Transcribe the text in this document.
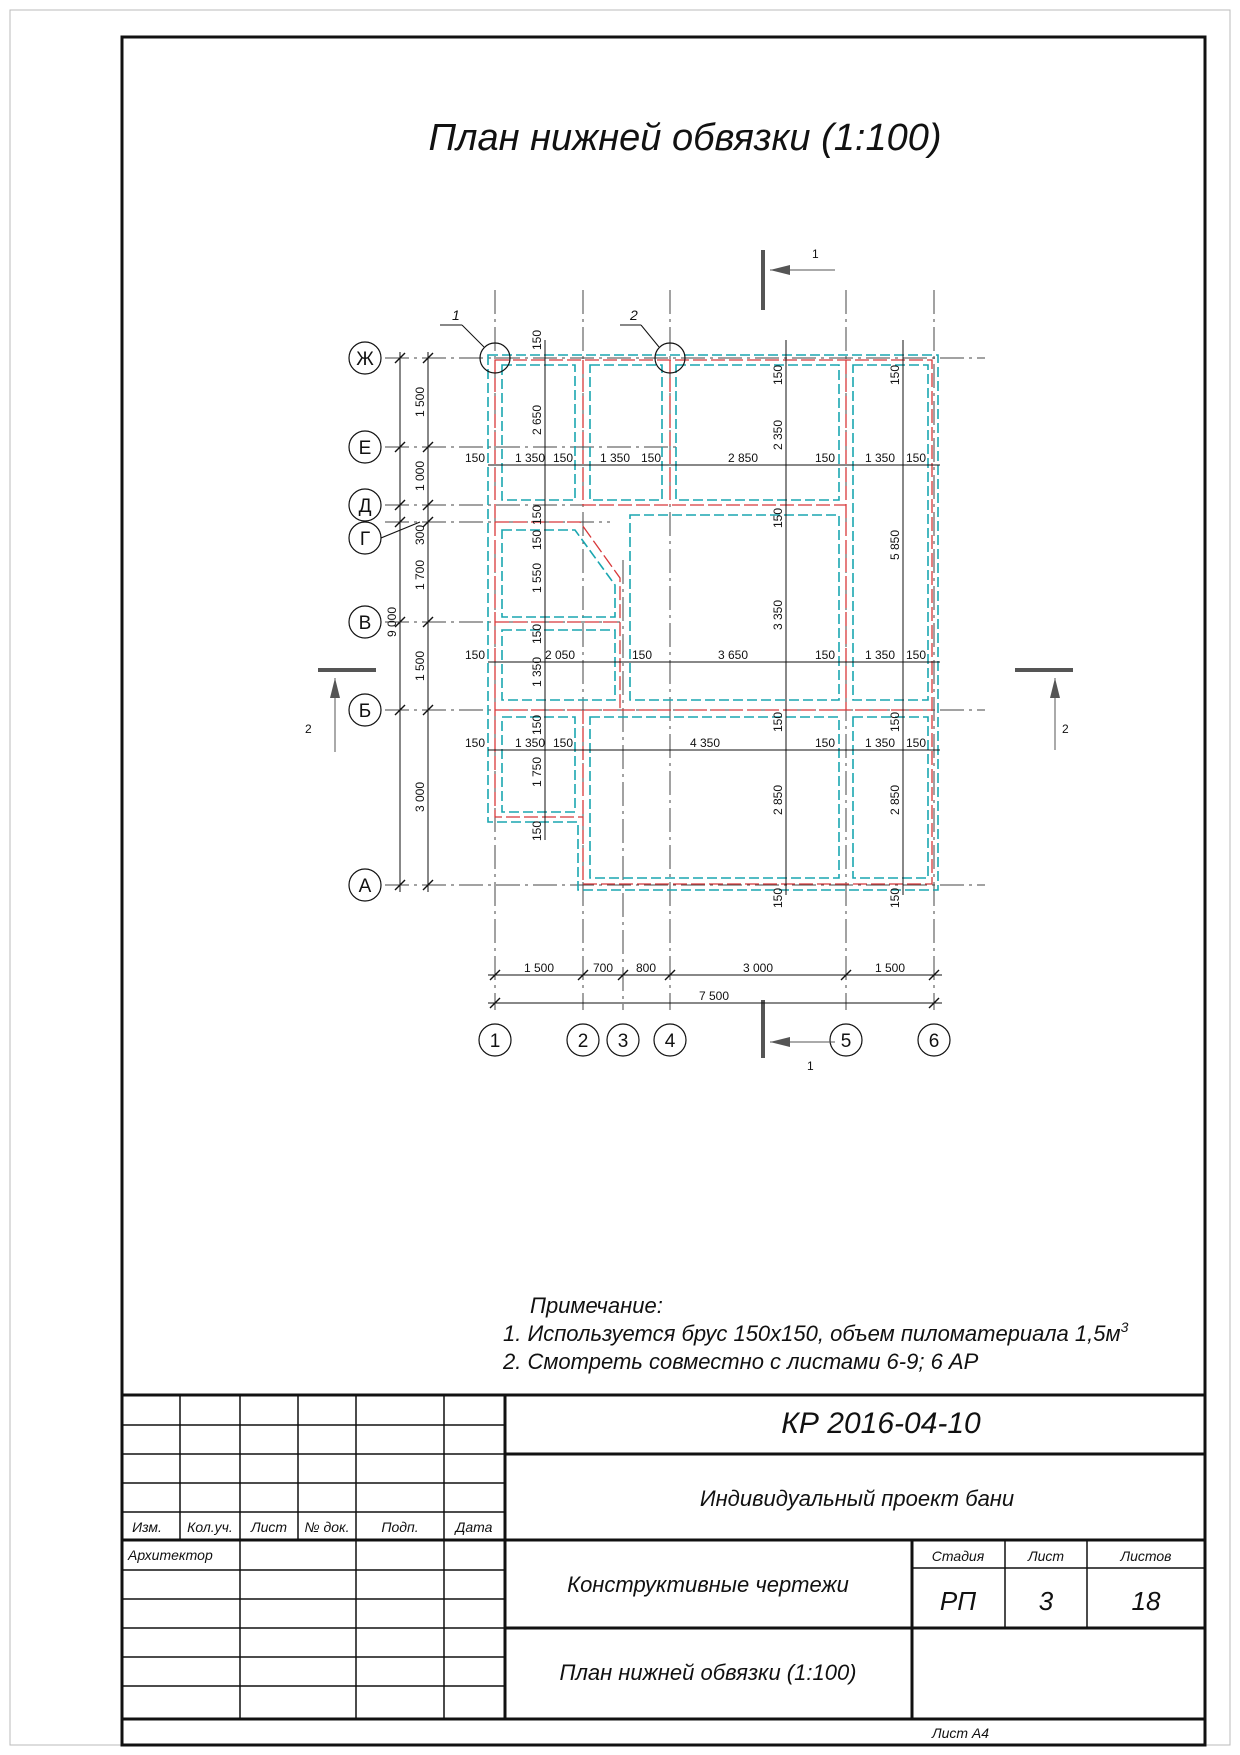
План нижней обвязки (1:100)
1	2
Ж
Е
Д
Г
В
Б
А
1	2 3 4	5	6
1
1
2	2
1 500	700 800	3 000	1 500
7 500
1 500
1 000
300
1 700
1 500
3 000
9 000
150 1 350 150 1 350 150	2 850	150 1 350 150
150	2 050	150	3 650	150 1 350 150
150 1 350 150	4 350	150 1 350 150
150
2 650
150
150
1 550
150
1 350
150
1 750
150
150
2 350
150
3 350
150
2 850
150
150
5 850
150
2 850
150
Примечание:
1. Используется брус 150х150, объем пиломатериала $1,5м^3$
2. Смотреть совместно с листами 6-9; 6 АР
Изм. Кол.уч. Лист № док. Подп.	Дата
Архитектор
КР 2016-04-10
Индивидуальный проект бани
Конструктивные чертежи
План нижней обвязки (1:100)
Стадия	Лист	Листов
РП 3	18
Лист А4
